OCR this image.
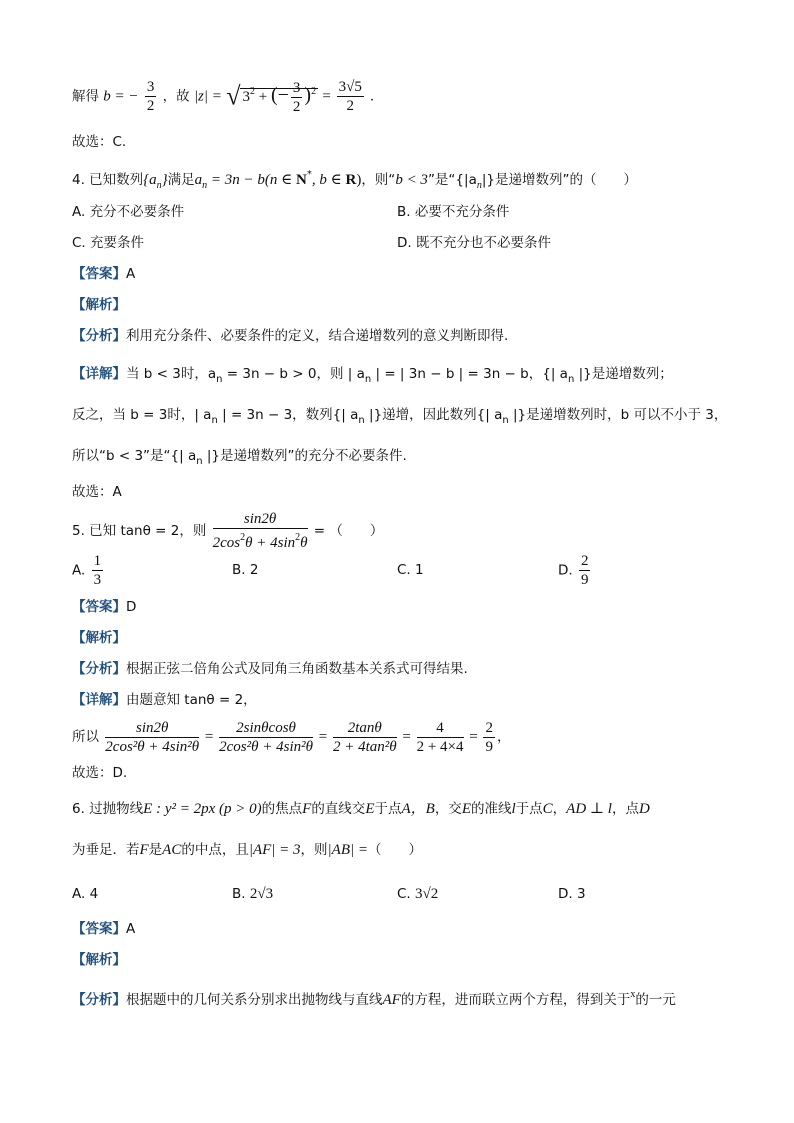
解得 b = − $\frac{3}{2}$ ，故 |z| = √ $3^2$ + (− $\frac{3}{2} )^2 = \frac{3√5}{2}$ .
故选：C.
4. 已知数列$\{a_n\}$满足$a_n = 3n - b(n$ ∈ N*, b ∈ R)，则“b < 3”是“$\{|a_n|\}$是递增数列”的（　　）
A. 充分不必要条件	B. 必要不充分条件
C. 充要条件	D. 既不充分也不必要条件
【答案】A
【解析】
【分析】利用充分条件、必要条件的定义，结合递增数列的意义判断即得.
【详解】当 b < 3时，$a_n = 3n - b > 0$，则 | $a_n$ | = | 3n − b | = 3n − b，{| $a_n$ |}是递增数列；
反之，当 b = 3时，| $a_n$ | = 3n − 3，数列{| $a_n$ |}递增，因此数列{| $a_n$ |}是递增数列时，b 可以不小于 3，
所以“b < 3”是“{| $a_n$ |}是递增数列”的充分不必要条件.
故选：A
5. 已知 tanθ = 2，则 $\frac{\sin 2\theta}{2\cos^2\theta + 4\sin^2\theta}$ = （　　）
A. $\frac{1}{3}$	B. 2	C. 1	D. $\frac{2}{9}$
【答案】D
【解析】
【分析】根据正弦二倍角公式及同角三角函数基本关系式可得结果.
【详解】由题意知 tanθ = 2，
所以 $\frac{\sin 2\theta}{\text{2cos²θ + 4sin²θ}} = \frac{2\sin\theta\cos\theta}{\text{2cos²θ + 4sin²θ}} = \frac{2\tan\theta}{\text{2 + 4tan²θ}} = \frac{4}{2 + 4\times 4} = \frac{2}{9}$ ，
故选：D.
6. 过抛物线E : y² = 2px (p > 0)的焦点F的直线交E于点A，B，交E的准线l于点C，AD ⊥ l，点D
为垂足．若F是AC的中点，且|AF| = 3，则|AB| =（　　）
A. 4	B. 2√3	C. 3√2	D. 3
【答案】A
【解析】
【分析】根据题中的几何关系分别求出抛物线与直线AF的方程，进而联立两个方程，得到关于$^x$的一元
